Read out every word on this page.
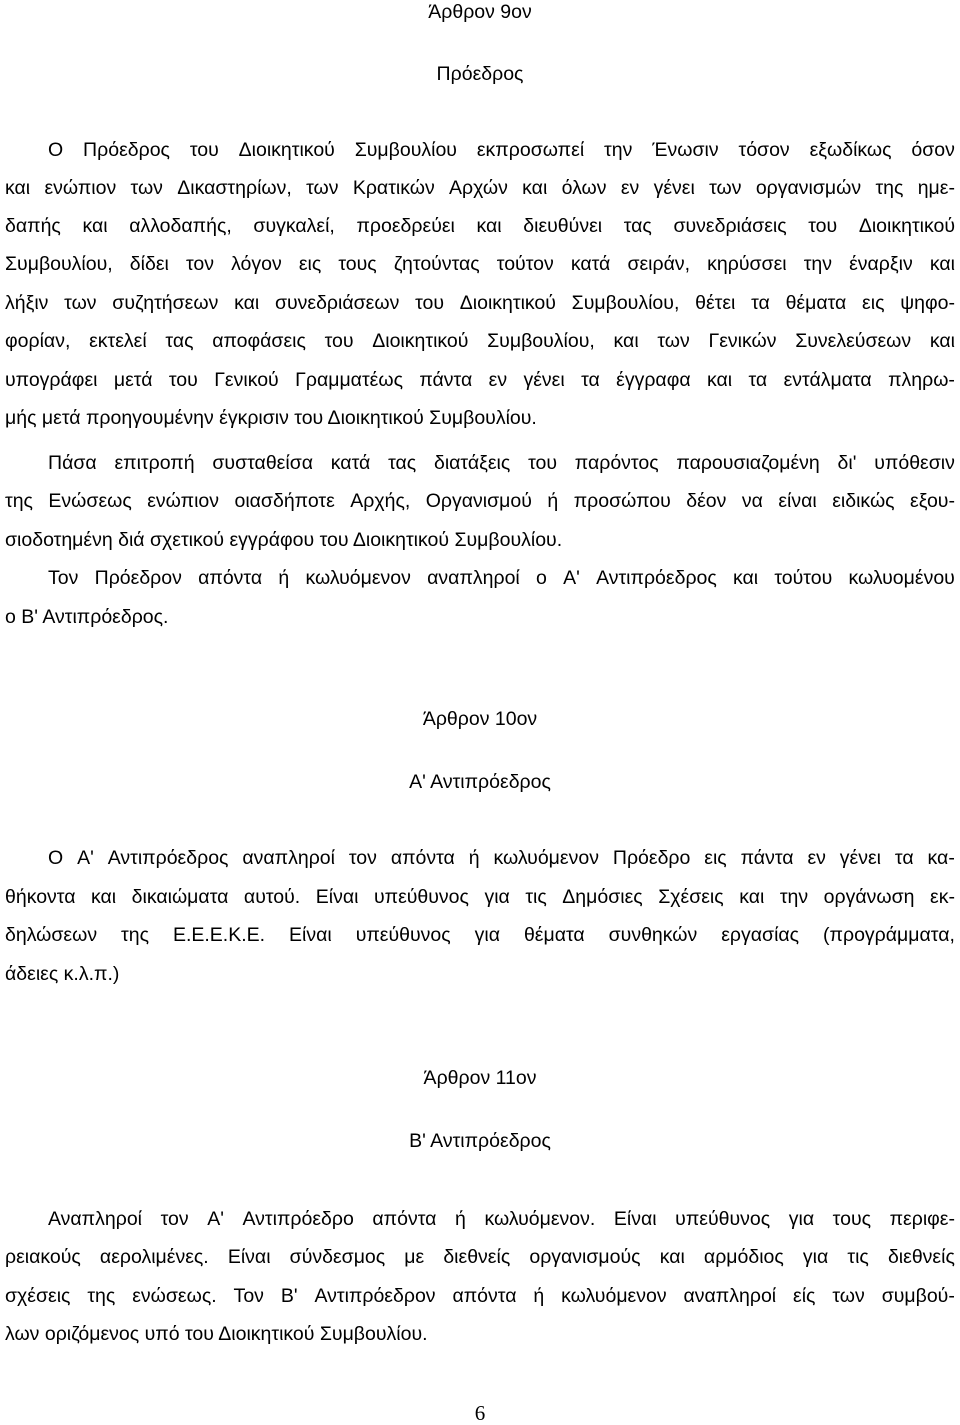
Άρθρον 9ον
Πρόεδρος
Ο Πρόεδρος του Διοικητικού Συμβουλίου εκπροσωπεί την Ένωσιν τόσον εξωδίκως όσον
και ενώπιον των Δικαστηρίων, των Κρατικών Αρχών και όλων εν γένει των οργανισμών της ημε-
δαπής και αλλοδαπής, συγκαλεί, προεδρεύει και διευθύνει τας συνεδριάσεις του Διοικητικού
Συμβουλίου, δίδει τον λόγον εις τους ζητούντας τούτον κατά σειράν, κηρύσσει την έναρξιν και
λήξιν των συζητήσεων και συνεδριάσεων του Διοικητικού Συμβουλίου, θέτει τα θέματα εις ψηφο-
φορίαν, εκτελεί τας αποφάσεις του Διοικητικού Συμβουλίου, και των Γενικών Συνελεύσεων και
υπογράφει μετά του Γενικού Γραμματέως πάντα εν γένει τα έγγραφα και τα εντάλματα πληρω-
μής μετά προηγουμένην έγκρισιν του Διοικητικού Συμβουλίου.
Πάσα επιτροπή συσταθείσα κατά τας διατάξεις του παρόντος παρουσιαζομένη δι' υπόθεσιν
της Ενώσεως ενώπιον οιασδήποτε Αρχής, Οργανισμού ή προσώπου δέον να είναι ειδικώς εξου-
σιοδοτημένη διά σχετικού εγγράφου του Διοικητικού Συμβουλίου.
Τον Πρόεδρον απόντα ή κωλυόμενον αναπληροί ο Α' Αντιπρόεδρος και τούτου κωλυομένου
ο Β' Αντιπρόεδρος.
Άρθρον 10ον
Α' Αντιπρόεδρος
Ο Α' Αντιπρόεδρος αναπληροί τον απόντα ή κωλυόμενον Πρόεδρο εις πάντα εν γένει τα κα-
θήκοντα και δικαιώματα αυτού. Είναι υπεύθυνος για τις Δημόσιες Σχέσεις και την οργάνωση εκ-
δηλώσεων της Ε.Ε.Ε.Κ.Ε. Είναι υπεύθυνος για θέματα συνθηκών εργασίας (προγράμματα,
άδειες κ.λ.π.)
Άρθρον 11ον
Β' Αντιπρόεδρος
Αναπληροί τον Α' Αντιπρόεδρο απόντα ή κωλυόμενον. Είναι υπεύθυνος για τους περιφε-
ρειακούς αερολιμένες. Είναι σύνδεσμος με διεθνείς οργανισμούς και αρμόδιος για τις διεθνείς
σχέσεις της ενώσεως. Τον Β' Αντιπρόεδρον απόντα ή κωλυόμενον αναπληροί είς των συμβού-
λων οριζόμενος υπό του Διοικητικού Συμβουλίου.
6
